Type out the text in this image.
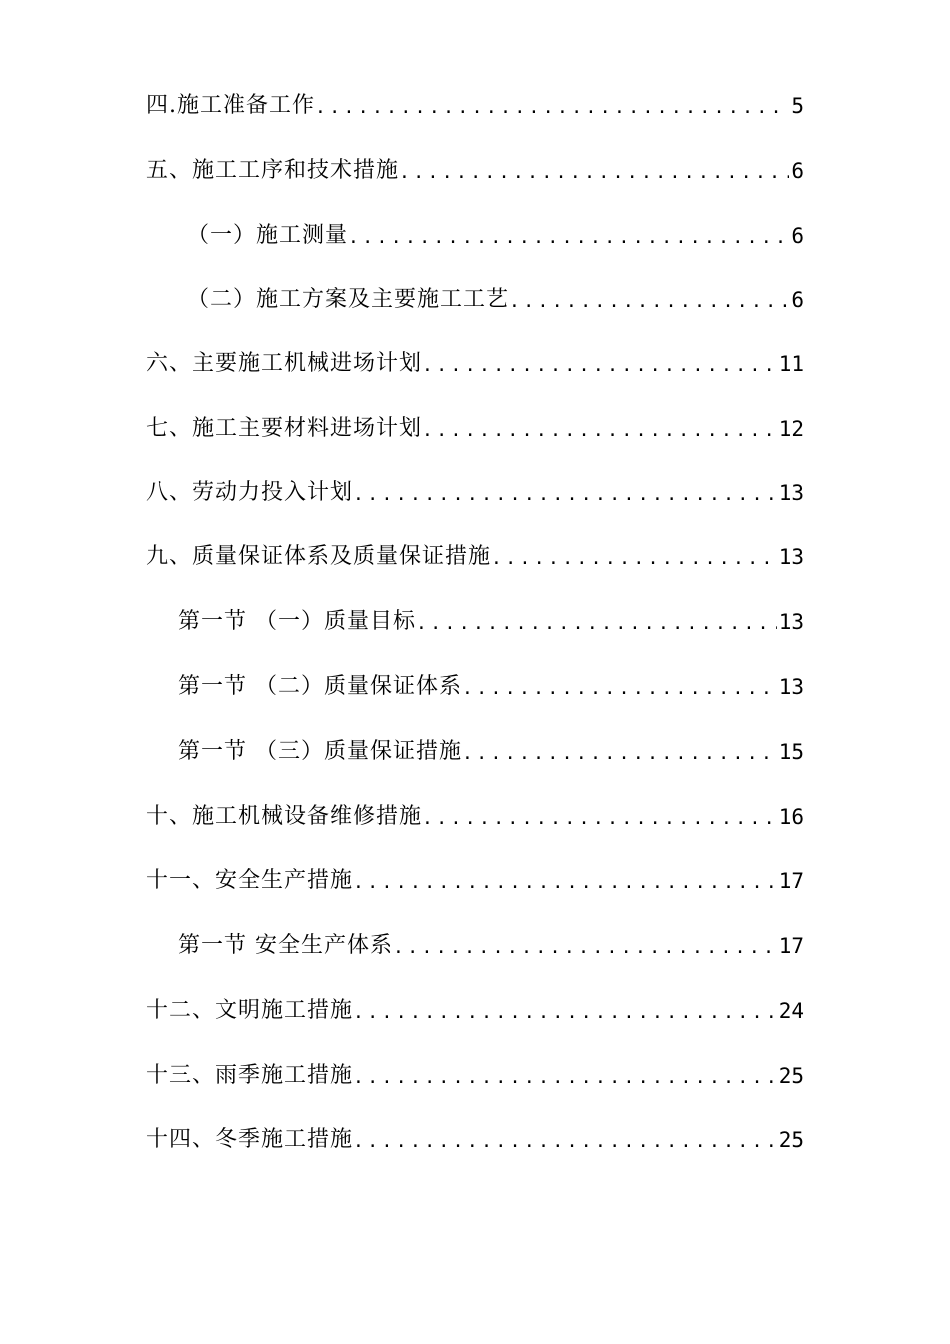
四.施工准备工作 .....	5
五、施工工序和技术措施 .....	6
（一）施工测量 .....	6
（二）施工方案及主要施工工艺 .....	6
六、主要施工机械进场计划 .....	11
七、施工主要材料进场计划 .....	12
八、劳动力投入计划 .....	13
九、质量保证体系及质量保证措施 .....	13
第一节 （一）质量目标 .....	13
第一节 （二）质量保证体系 .....	13
第一节 （三）质量保证措施 .....	15
十、施工机械设备维修措施 .....	16
十一、安全生产措施 .....	17
第一节 安全生产体系 .....	17
十二、文明施工措施 .....	24
十三、雨季施工措施 .....	25
十四、冬季施工措施 .....	25
